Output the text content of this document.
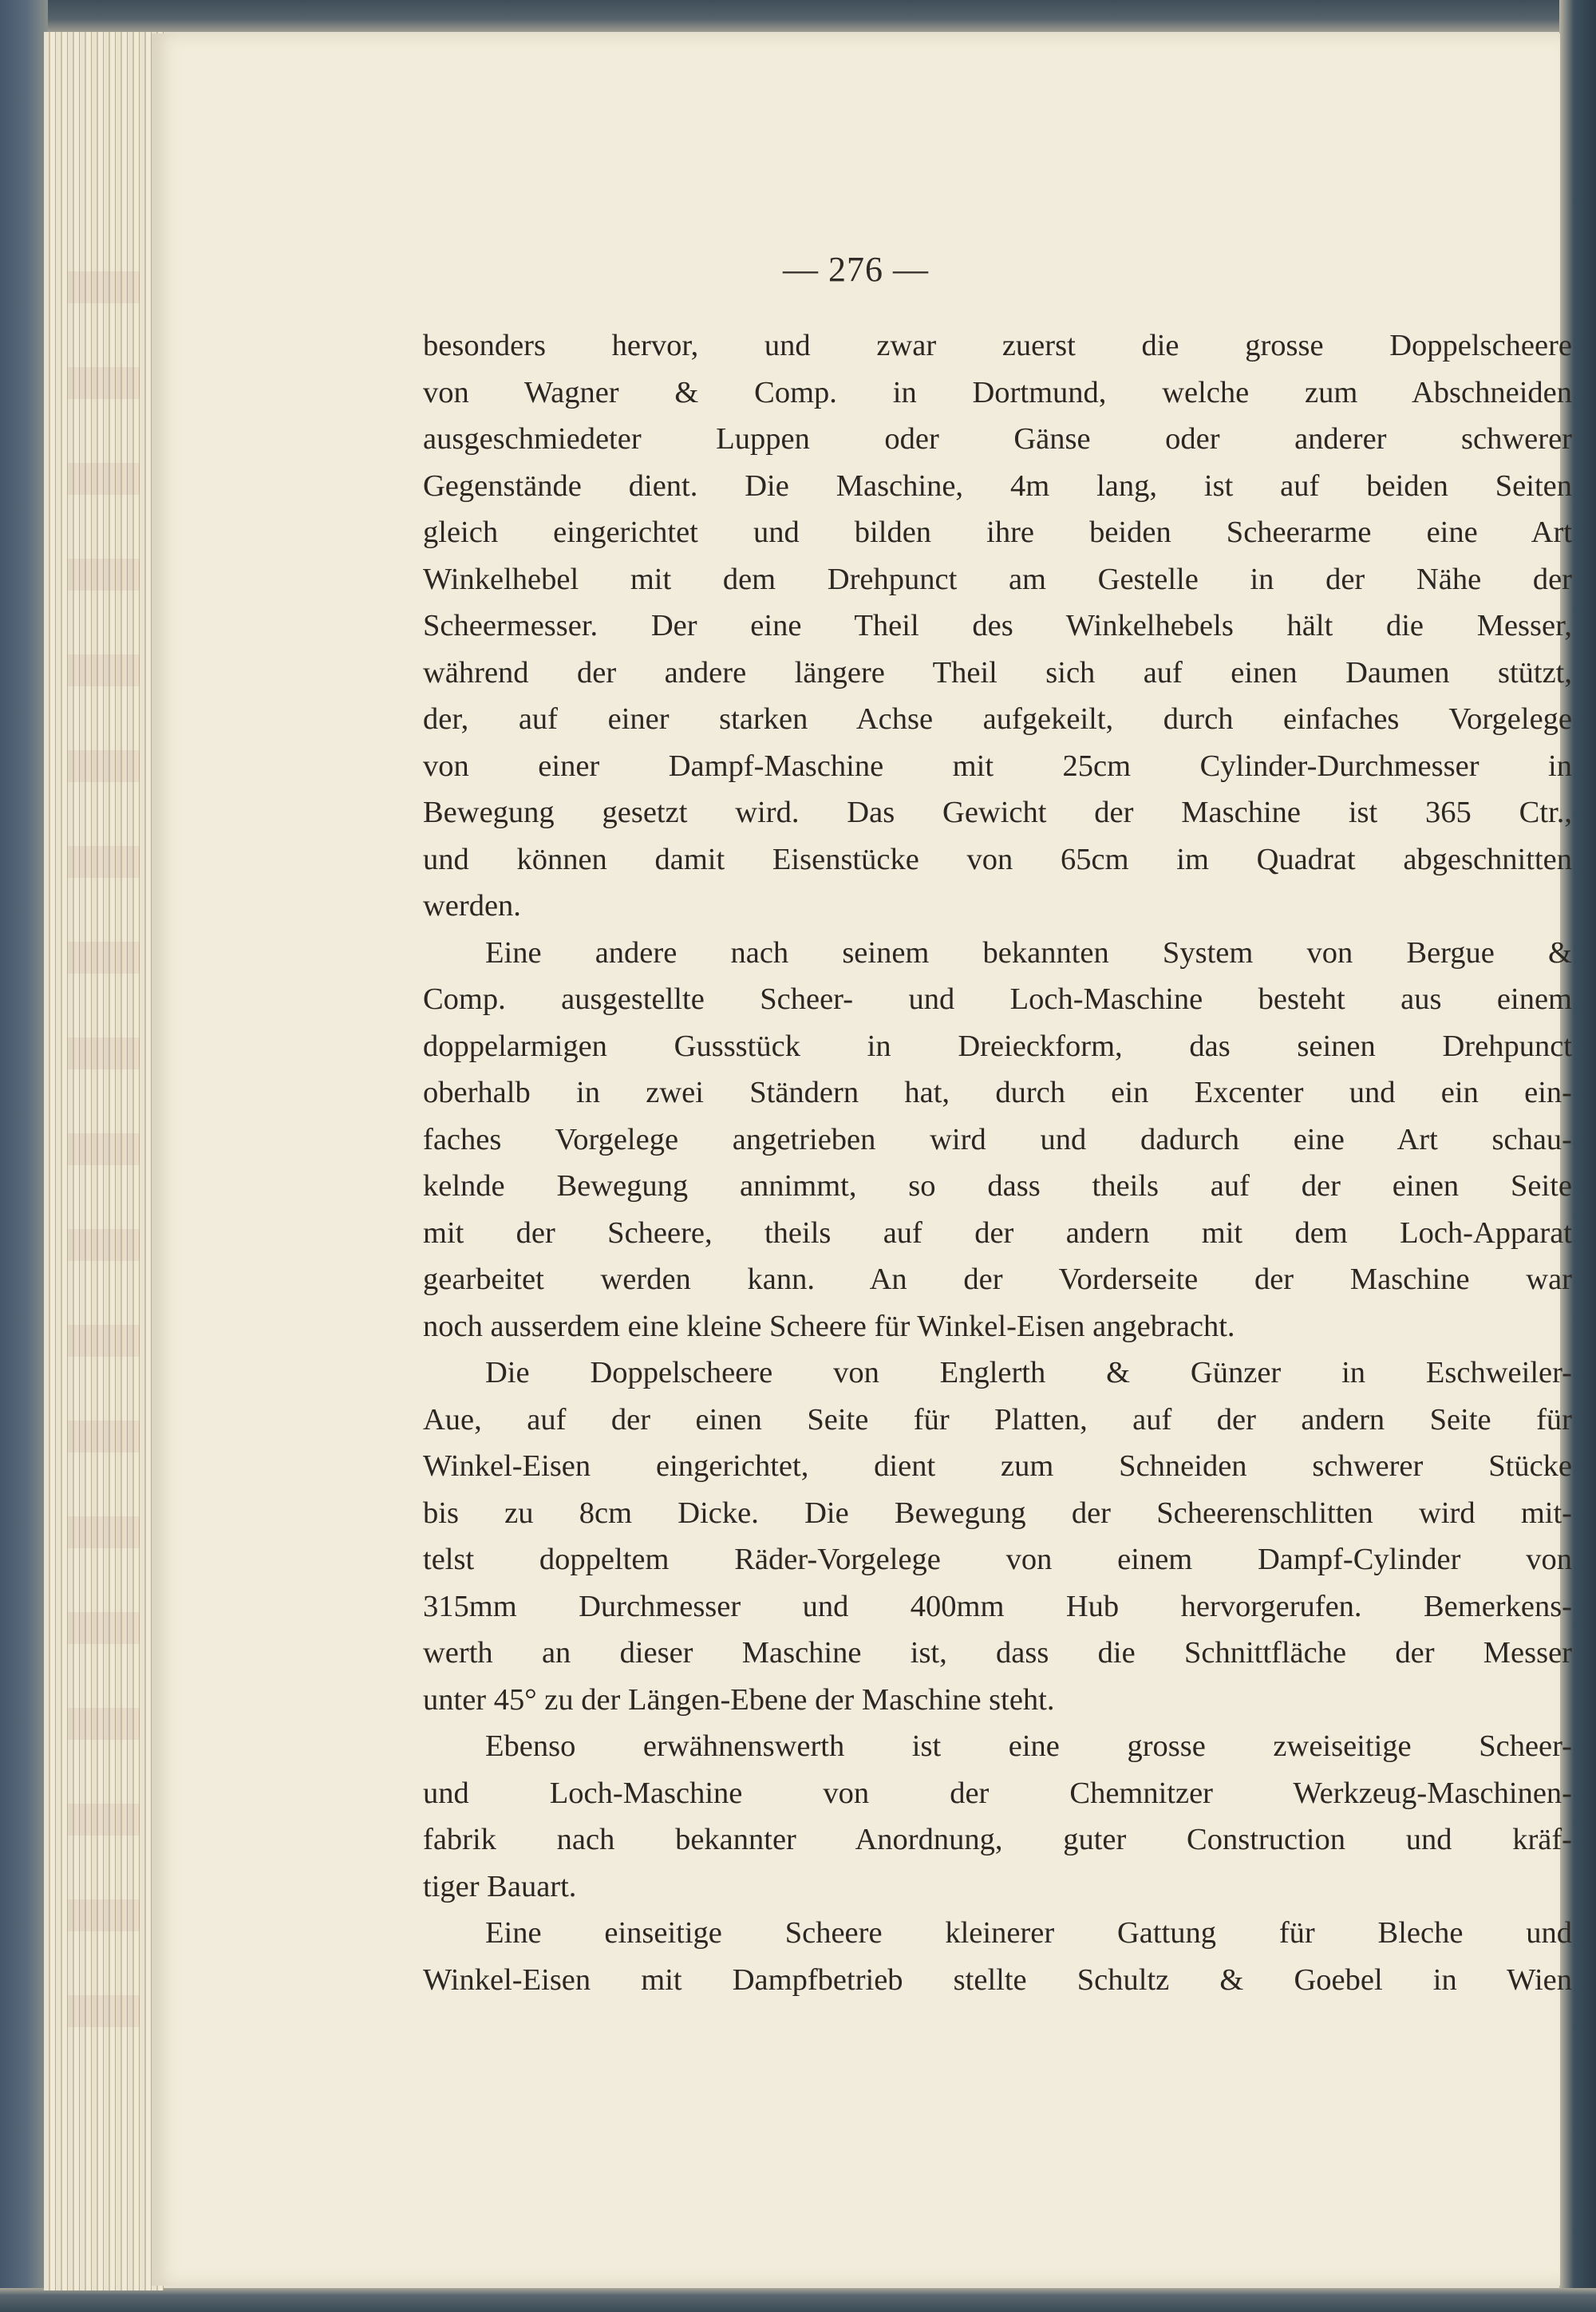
— 276 —
besonders hervor, und zwar zuerst die grosse Doppelscheere
von Wagner & Comp. in Dortmund, welche zum Abschneiden
ausgeschmiedeter Luppen oder Gänse oder anderer schwerer
Gegenstände dient. Die Maschine, 4m lang, ist auf beiden Seiten
gleich eingerichtet und bilden ihre beiden Scheerarme eine Art
Winkelhebel mit dem Drehpunct am Gestelle in der Nähe der
Scheermesser. Der eine Theil des Winkelhebels hält die Messer,
während der andere längere Theil sich auf einen Daumen stützt,
der, auf einer starken Achse aufgekeilt, durch einfaches Vorgelege
von einer Dampf-Maschine mit 25cm Cylinder-Durchmesser in
Bewegung gesetzt wird. Das Gewicht der Maschine ist 365 Ctr.,
und können damit Eisenstücke von 65cm im Quadrat abgeschnitten
werden.
Eine andere nach seinem bekannten System von Bergue &
Comp. ausgestellte Scheer- und Loch-Maschine besteht aus einem
doppelarmigen Gussstück in Dreieckform, das seinen Drehpunct
oberhalb in zwei Ständern hat, durch ein Excenter und ein ein-
faches Vorgelege angetrieben wird und dadurch eine Art schau-
kelnde Bewegung annimmt, so dass theils auf der einen Seite
mit der Scheere, theils auf der andern mit dem Loch-Apparat
gearbeitet werden kann. An der Vorderseite der Maschine war
noch ausserdem eine kleine Scheere für Winkel-Eisen angebracht.
Die Doppelscheere von Englerth & Günzer in Eschweiler-
Aue, auf der einen Seite für Platten, auf der andern Seite für
Winkel-Eisen eingerichtet, dient zum Schneiden schwerer Stücke
bis zu 8cm Dicke. Die Bewegung der Scheerenschlitten wird mit-
telst doppeltem Räder-Vorgelege von einem Dampf-Cylinder von
315mm Durchmesser und 400mm Hub hervorgerufen. Bemerkens-
werth an dieser Maschine ist, dass die Schnittfläche der Messer
unter 45° zu der Längen-Ebene der Maschine steht.
Ebenso erwähnenswerth ist eine grosse zweiseitige Scheer-
und Loch-Maschine von der Chemnitzer Werkzeug-Maschinen-
fabrik nach bekannter Anordnung, guter Construction und kräf-
tiger Bauart.
Eine einseitige Scheere kleinerer Gattung für Bleche und
Winkel-Eisen mit Dampfbetrieb stellte Schultz & Goebel in Wien
